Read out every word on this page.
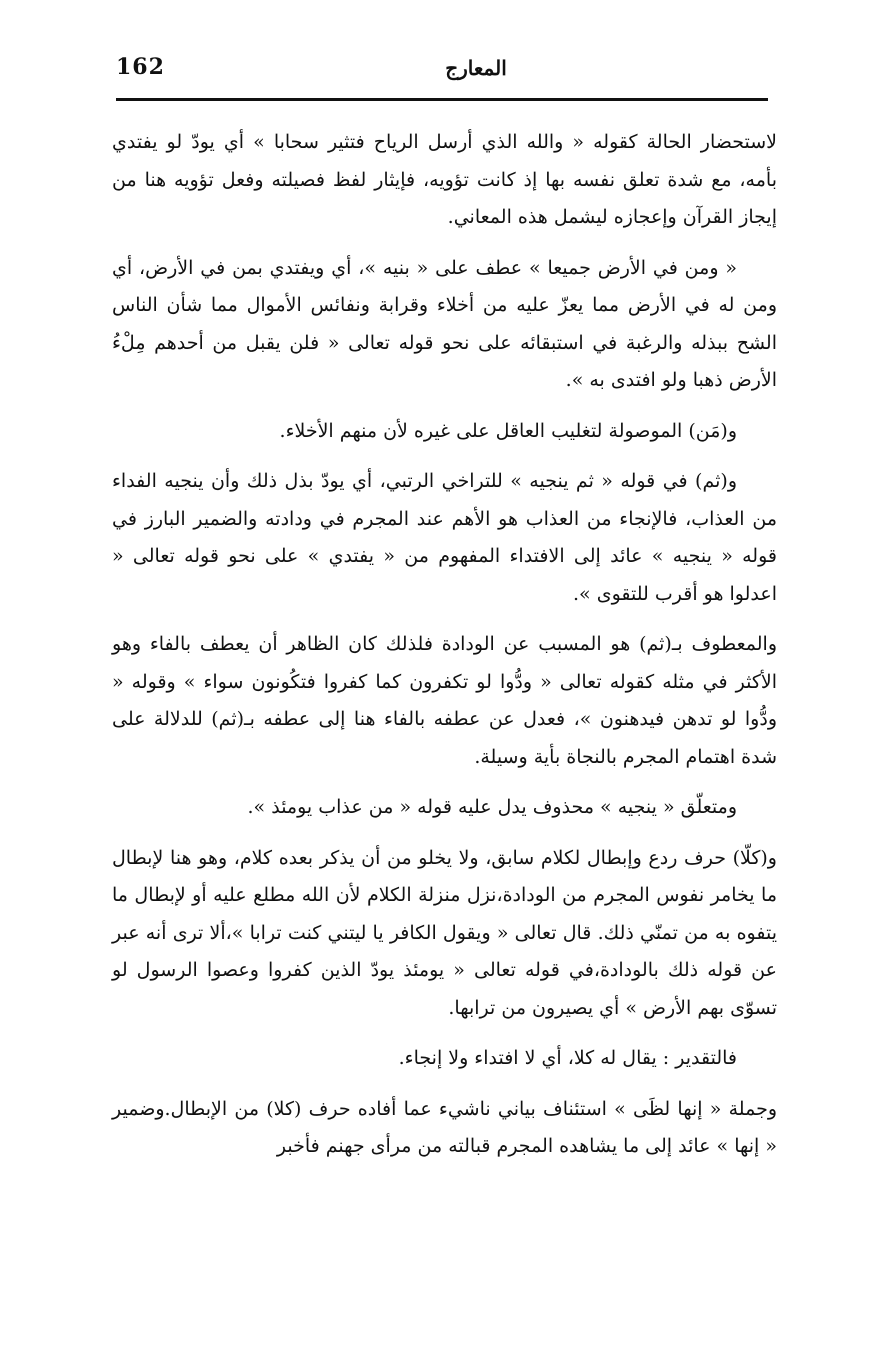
162	المعارج

لاستحضار الحالة كقوله « والله الذي أرسل الرياح فتثير سحابا » أي يودّ لو يفتدي بأمه، مع شدة تعلق نفسه بها إذ كانت تؤويه، فإيثار لفظ فصيلته وفعل تؤويه هنا من إيجاز القرآن وإعجازه ليشمل هذه المعاني.

« ومن في الأرض جميعا » عطف على « بنيه »، أي ويفتدي بمن في الأرض، أي ومن له في الأرض مما يعزّ عليه من أخلاء وقرابة ونفائس الأموال مما شأن الناس الشح ببذله والرغبة في استبقائه على نحو قوله تعالى « فلن يقبل من أحدهم مِلْءُ الأرض ذهبا ولو افتدى به ».

و(مَن) الموصولة لتغليب العاقل على غيره لأن منهم الأخلاء.

و(ثم) في قوله « ثم ينجيه » للتراخي الرتبي، أي يودّ بذل ذلك وأن ينجيه الفداء من العذاب، فالإنجاء من العذاب هو الأهم عند المجرم في ودادته والضمير البارز في قوله « ينجيه » عائد إلى الافتداء المفهوم من « يفتدي » على نحو قوله تعالى « اعدلوا هو أقرب للتقوى ».

والمعطوف بـ(ثم) هو المسبب عن الودادة فلذلك كان الظاهر أن يعطف بالفاء وهو الأكثر في مثله كقوله تعالى « ودُّوا لو تكفرون كما كفروا فتكُونون سواء » وقوله « ودُّوا لو تدهن فيدهنون »، فعدل عن عطفه بالفاء هنا إلى عطفه بـ(ثم) للدلالة على شدة اهتمام المجرم بالنجاة بأية وسيلة.

ومتعلّق « ينجيه » محذوف يدل عليه قوله « من عذاب يومئذ ».

و(كلّا) حرف ردع وإبطال لكلام سابق، ولا يخلو من أن يذكر بعده كلام، وهو هنا لإبطال ما يخامر نفوس المجرم من الودادة،نزل منزلة الكلام لأن الله مطلع عليه أو لإبطال ما يتفوه به من تمنّي ذلك. قال تعالى « ويقول الكافر يا ليتني كنت ترابا »،ألا ترى أنه عبر عن قوله ذلك بالودادة،في قوله تعالى « يومئذ يودّ الذين كفروا وعصوا الرسول لو تسوّى بهم الأرض » أي يصيرون من ترابها.

فالتقدير : يقال له كلا، أي لا افتداء ولا إنجاء.

وجملة « إنها لظَى » استئناف بياني ناشيء عما أفاده حرف (كلا) من الإبطال.وضمير « إنها » عائد إلى ما يشاهده المجرم قبالته من مرأى جهنم فأخبر
